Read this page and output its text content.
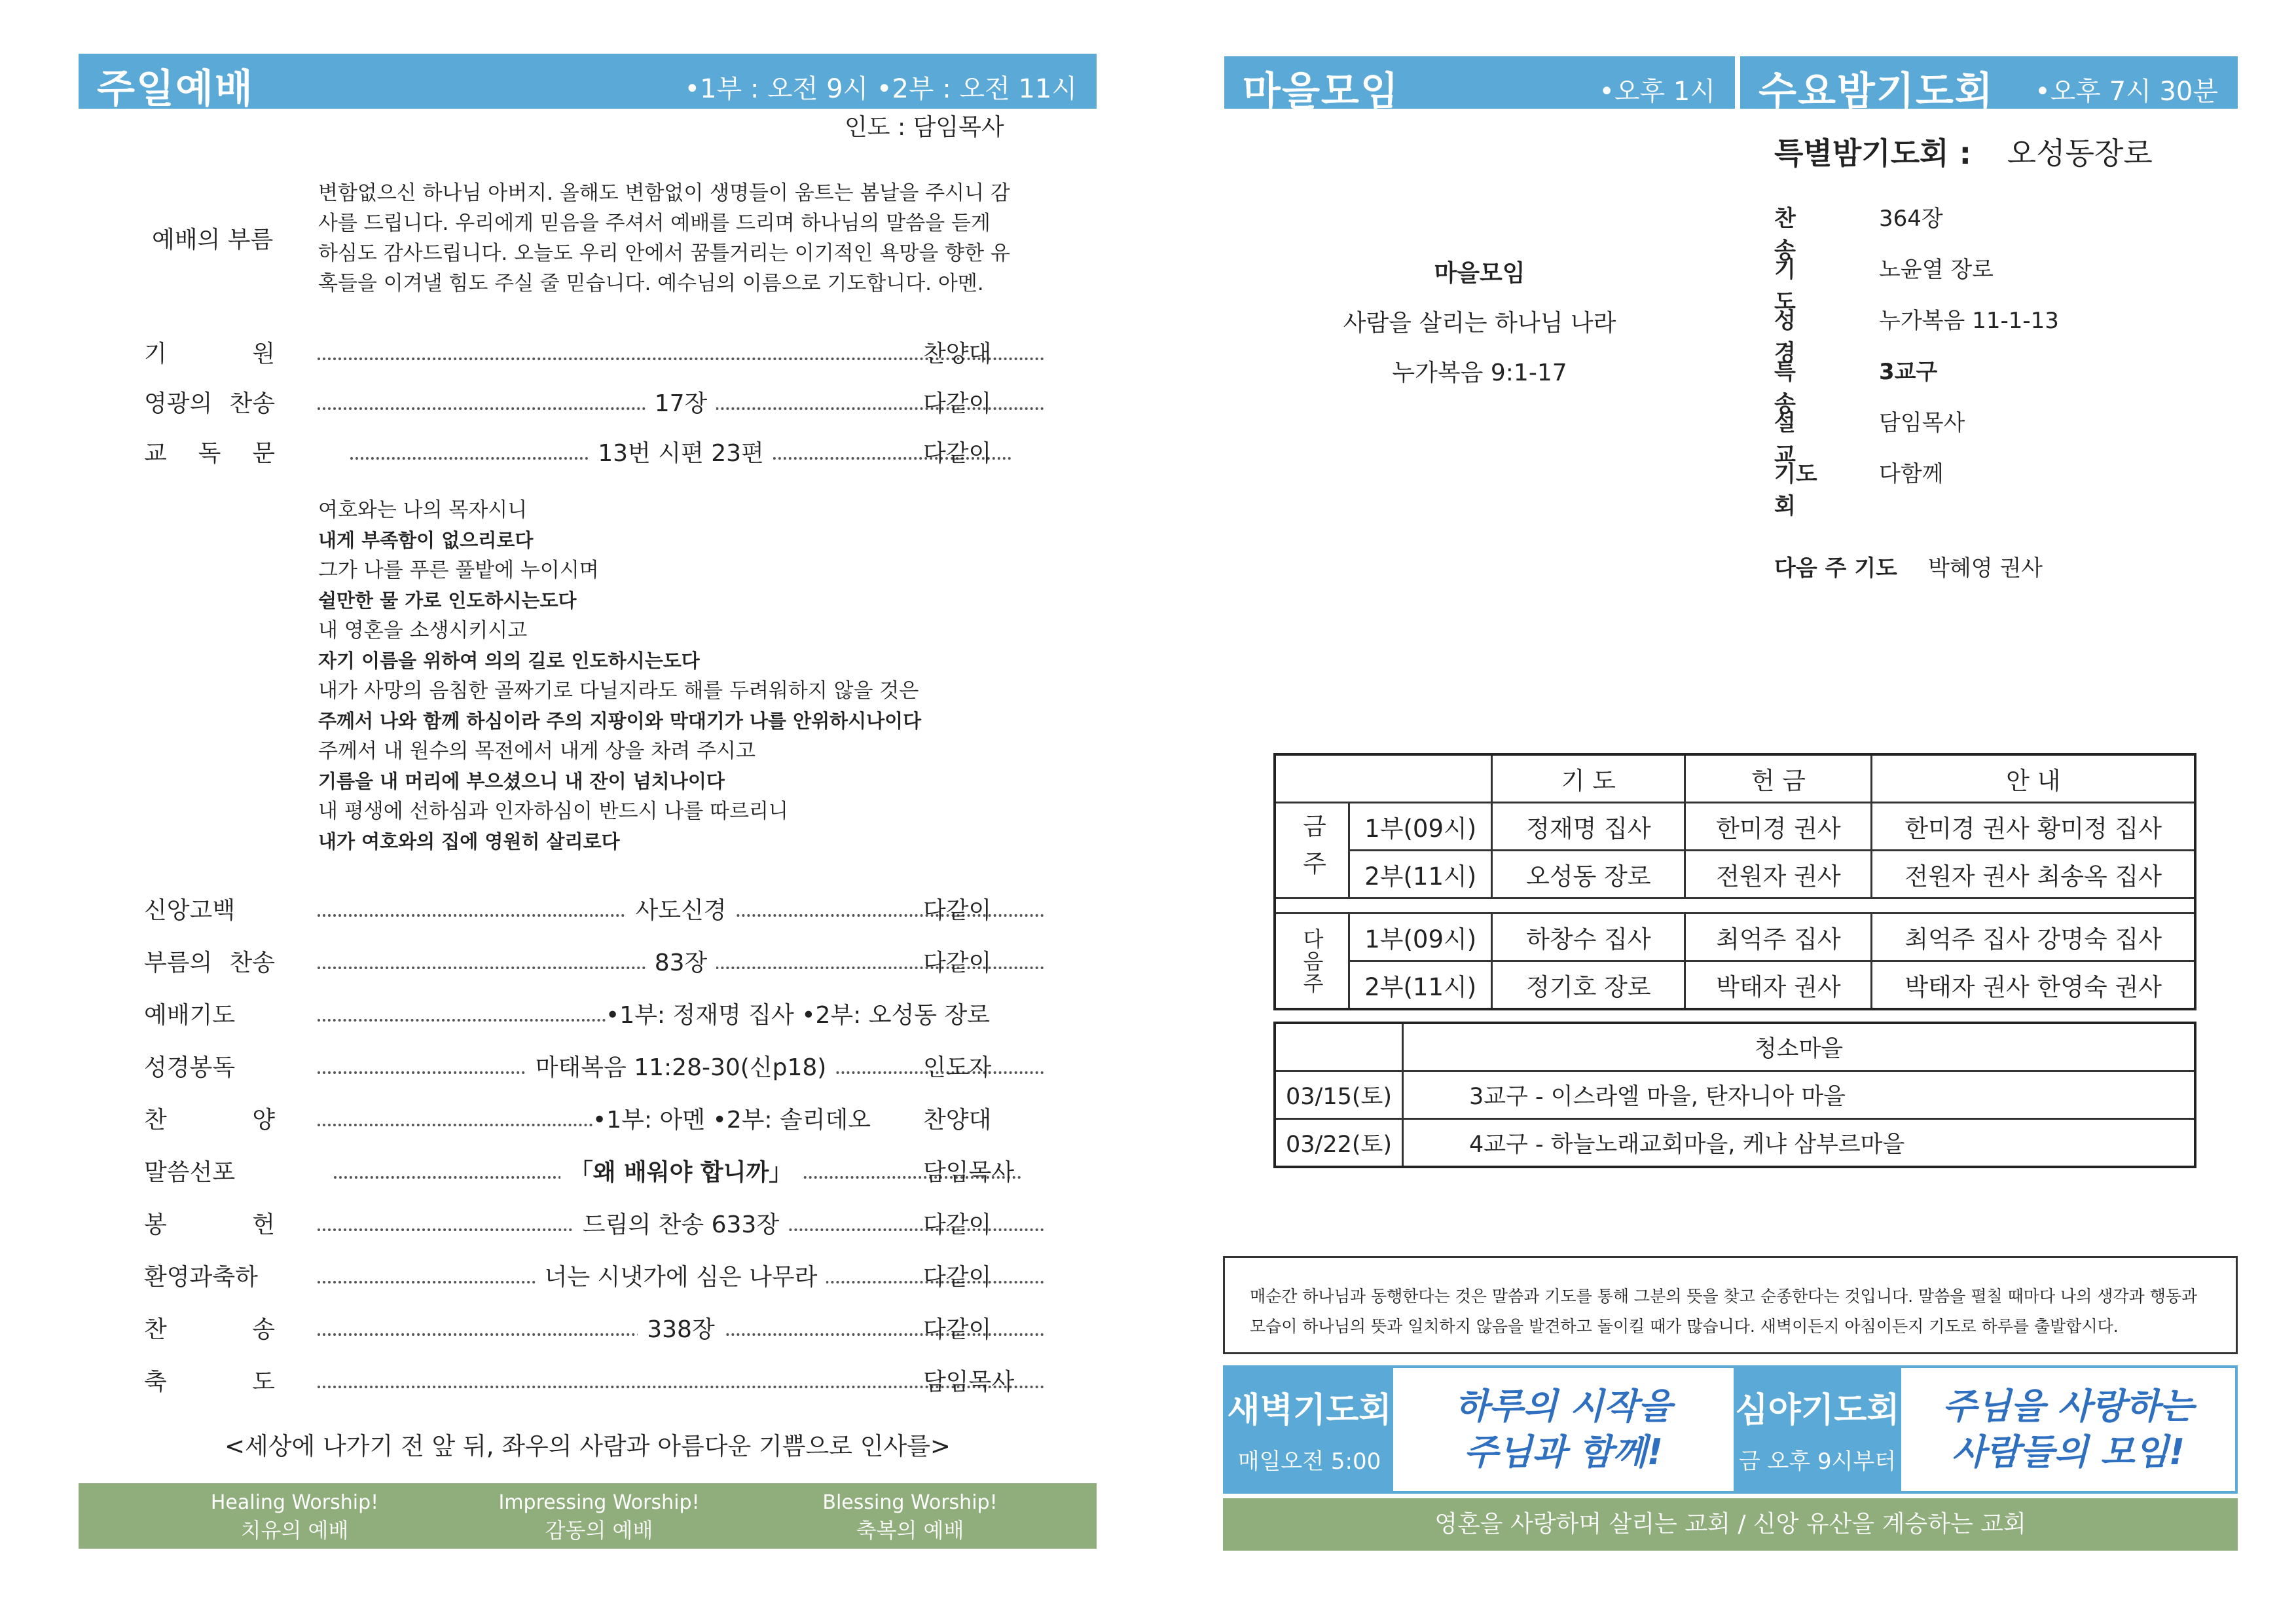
주일예배	•1부 : 오전 9시 •2부 : 오전 11시
인도 : 담임목사
예배의 부름
변함없으신 하나님 아버지. 올해도 변함없이 생명들이 움트는 봄날을 주시니 감
사를 드립니다. 우리에게 믿음을 주셔서 예배를 드리며 하나님의 말씀을 듣게
하심도 감사드립니다. 오늘도 우리 안에서 꿈틀거리는 이기적인 욕망을 향한 유
혹들을 이겨낼 힘도 주실 줄 믿습니다. 예수님의 이름으로 기도합니다. 아멘.
기 원	찬양대
영광의 찬송	17장	다같이
교 독 문	13번 시편 23편	다같이
여호와는 나의 목자시니
내게 부족함이 없으리로다
그가 나를 푸른 풀밭에 누이시며
쉴만한 물 가로 인도하시는도다
내 영혼을 소생시키시고
자기 이름을 위하여 의의 길로 인도하시는도다
내가 사망의 음침한 골짜기로 다닐지라도 해를 두려워하지 않을 것은
주께서 나와 함께 하심이라 주의 지팡이와 막대기가 나를 안위하시나이다
주께서 내 원수의 목전에서 내게 상을 차려 주시고
기름을 내 머리에 부으셨으니 내 잔이 넘치나이다
내 평생에 선하심과 인자하심이 반드시 나를 따르리니
내가 여호와의 집에 영원히 살리로다
신앙고백	사도신경	다같이
부름의 찬송	83장	다같이
예배기도	•1부: 정재명 집사 •2부: 오성동 장로
성경봉독	마태복음 11:28-30(신p18)	인도자
찬 양	•1부: 아멘 •2부: 솔리데오 찬양대
말씀선포	「왜 배워야 합니까」	담임목사
봉 헌	드림의 찬송 633장	다같이
환영과축하	너는 시냇가에 심은 나무라	다같이
찬 송	338장	다같이
축 도	담임목사
<세상에 나가기 전 앞 뒤, 좌우의 사람과 아름다운 기쁨으로 인사를>
Healing Worship!
치유의 예배
Impressing Worship!
감동의 예배
Blessing Worship!
축복의 예배
마을모임	•오후 1시 수요밤기도회 •오후 7시 30분
마을모임
사람을 살리는 하나님 나라
누가복음 9:1-17
특별밤기도회 : 오성동장로
찬 송
364장
기 도
노윤열 장로
성 경
누가복음 11-1-13
특 송
3교구
설 교
담임목사
기도회
다함께
다음 주 기도 박혜영 권사
		기 도	헌 금	안 내
금주	1부(09시)	정재명 집사	한미경 권사	한미경 권사 황미정 집사
	2부(11시)	오성동 장로	전원자 권사	전원자 권사 최송옥 집사

다음주	1부(09시)	하창수 집사	최억주 집사	최억주 집사 강명숙 집사
	2부(11시)	정기호 장로	박태자 권사	박태자 권사 한영숙 권사
	청소마을
03/15(토)	3교구 - 이스라엘 마을, 탄자니아 마을
03/22(토)	4교구 - 하늘노래교회마을, 케냐 삼부르마을
매순간 하나님과 동행한다는 것은 말씀과 기도를 통해 그분의 뜻을 찾고 순종한다는 것입니다. 말씀을 펼칠 때마다 나의 생각과 행동과
모습이 하나님의 뜻과 일치하지 않음을 발견하고 돌이킬 때가 많습니다. 새벽이든지 아침이든지 기도로 하루를 출발합시다.
새벽기도회
매일오전 5:00
하루의 시작을
주님과 함께!
심야기도회
금 오후 9시부터
주님을 사랑하는
사람들의 모임!
영혼을 사랑하며 살리는 교회 / 신앙 유산을 계승하는 교회
